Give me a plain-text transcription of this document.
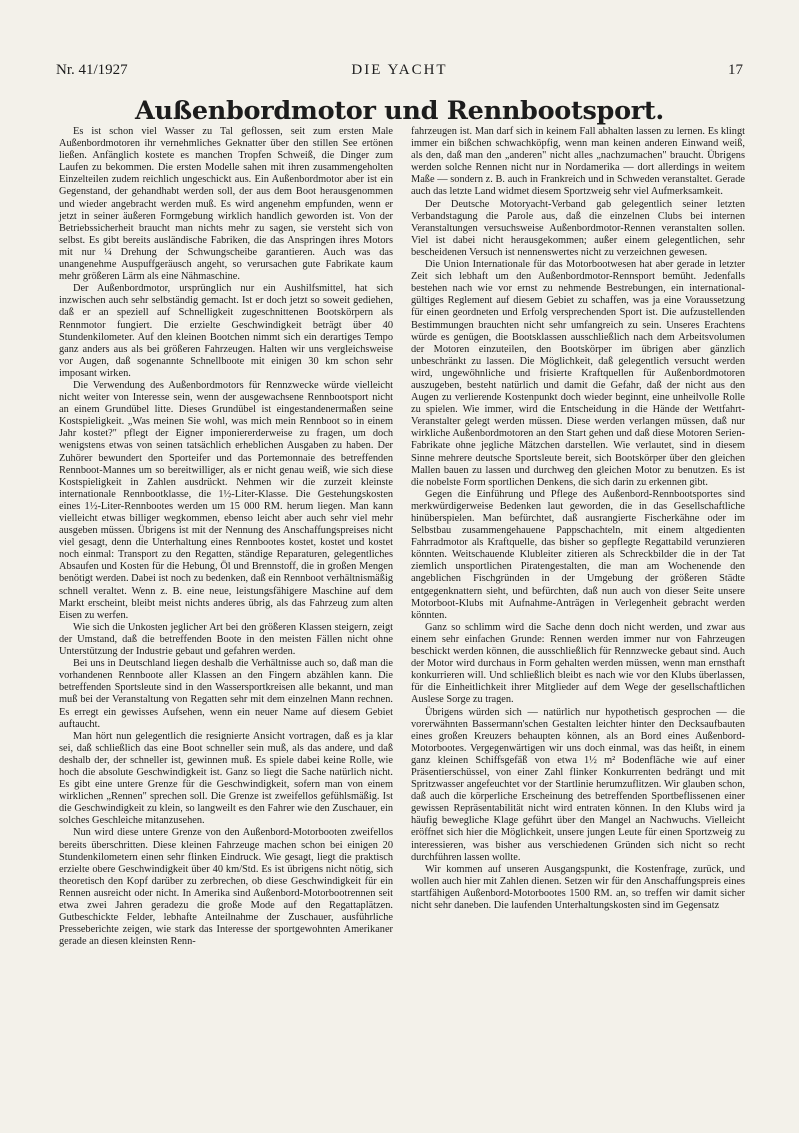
Nr. 41/1927	DIE YACHT	17
Außenbordmotor und Rennbootsport.

Es ist schon viel Wasser zu Tal geflossen, seit zum ersten Male Außenbordmotoren ihr vernehmliches Geknatter über den stillen See ertönen ließen. Anfänglich kostete es manchen Tropfen Schweiß, die Dinger zum Laufen zu bekommen. Die ersten Modelle sahen mit ihren zusammengeholten Einzelteilen zudem reichlich ungeschickt aus. Ein Außenbordmotor aber ist ein Gegenstand, der gehandhabt werden soll, der aus dem Boot herausgenommen und wieder angebracht werden muß. Es wird angenehm empfunden, wenn er jetzt in seiner äußeren Formgebung wirklich handlich geworden ist. Von der Betriebssicherheit braucht man nichts mehr zu sagen, sie versteht sich von selbst. Es gibt bereits ausländische Fabriken, die das Anspringen ihres Motors mit nur ¼ Drehung der Schwungscheibe garantieren. Auch was das unangenehme Auspuffgeräusch angeht, so verursachen gute Fabrikate kaum mehr größeren Lärm als eine Nähmaschine.

Der Außenbordmotor, ursprünglich nur ein Aushilfsmittel, hat sich inzwischen auch sehr selbständig gemacht. Ist er doch jetzt so soweit gediehen, daß er an speziell auf Schnelligkeit zugeschnittenen Bootskörpern als Rennmotor fungiert. Die erzielte Geschwindigkeit beträgt über 40 Stundenkilometer. Auf den kleinen Bootchen nimmt sich ein derartiges Tempo ganz anders aus als bei größeren Fahrzeugen. Halten wir uns vergleichsweise vor Augen, daß sogenannte Schnellboote mit einigen 30 km schon sehr imposant wirken.

Die Verwendung des Außenbordmotors für Rennzwecke würde vielleicht nicht weiter von Interesse sein, wenn der ausgewachsene Rennbootsport nicht an einem Grundübel litte. Dieses Grundübel ist eingestandenermaßen seine Kostspieligkeit. „Was meinen Sie wohl, was mich mein Rennboot so in einem Jahr kostet?" pflegt der Eigner imponiererderweise zu fragen, um doch wenigstens etwas von seinen tatsächlich erheblichen Ausgaben zu haben. Der Zuhörer bewundert den Sporteifer und das Portemonnaie des betreffenden Rennboot-Mannes um so bereitwilliger, als er nicht genau weiß, wie sich diese Kostspieligkeit in Zahlen ausdrückt. Nehmen wir die zurzeit kleinste internationale Rennbootklasse, die 1½-Liter-Klasse. Die Gestehungskosten eines 1½-Liter-Rennbootes werden um 15 000 RM. herum liegen. Man kann vielleicht etwas billiger wegkommen, ebenso leicht aber auch sehr viel mehr ausgeben müssen. Übrigens ist mit der Nennung des Anschaffungspreises nicht viel gesagt, denn die Unterhaltung eines Rennbootes kostet, kostet und kostet noch einmal: Transport zu den Regatten, ständige Reparaturen, gelegentliches Absaufen und Kosten für die Hebung, Öl und Brennstoff, die in großen Mengen benötigt werden. Dabei ist noch zu bedenken, daß ein Rennboot verhältnismäßig schnell veraltet. Wenn z. B. eine neue, leistungsfähigere Maschine auf dem Markt erscheint, bleibt meist nichts anderes übrig, als das Fahrzeug zum alten Eisen zu werfen.

Wie sich die Unkosten jeglicher Art bei den größeren Klassen steigern, zeigt der Umstand, daß die betreffenden Boote in den meisten Fällen nicht ohne Unterstützung der Industrie gebaut und gefahren werden.

Bei uns in Deutschland liegen deshalb die Verhältnisse auch so, daß man die vorhandenen Rennboote aller Klassen an den Fingern abzählen kann. Die betreffenden Sportsleute sind in den Wassersportkreisen alle bekannt, und man muß bei der Veranstaltung von Regatten sehr mit dem einzelnen Mann rechnen. Es erregt ein gewisses Aufsehen, wenn ein neuer Name auf diesem Gebiet auftaucht.

Man hört nun gelegentlich die resignierte Ansicht vortragen, daß es ja klar sei, daß schließlich das eine Boot schneller sein muß, als das andere, und daß deshalb der, der schneller ist, gewinnen muß. Es spiele dabei keine Rolle, wie hoch die absolute Geschwindigkeit ist. Ganz so liegt die Sache natürlich nicht. Es gibt eine untere Grenze für die Geschwindigkeit, sofern man von einem wirklichen „Rennen" sprechen soll. Die Grenze ist zweifellos gefühlsmäßig. Ist die Geschwindigkeit zu klein, so langweilt es den Fahrer wie den Zuschauer, ein solches Geschleiche mitanzusehen.

Nun wird diese untere Grenze von den Außenbord-Motorbooten zweifellos bereits überschritten. Diese kleinen Fahrzeuge machen schon bei einigen 20 Stundenkilometern einen sehr flinken Eindruck. Wie gesagt, liegt die praktisch erzielte obere Geschwindigkeit über 40 km/Std. Es ist übrigens nicht nötig, sich theoretisch den Kopf darüber zu zerbrechen, ob diese Geschwindigkeit für ein Rennen ausreicht oder nicht. In Amerika sind Außenbord-Motorbootrennen seit etwa zwei Jahren geradezu die große Mode auf den Regattaplätzen. Gutbeschickte Felder, lebhafte Anteilnahme der Zuschauer, ausführliche Presseberichte zeigen, wie stark das Interesse der sportgewohnten Amerikaner gerade an diesen kleinsten Renn-

fahrzeugen ist. Man darf sich in keinem Fall abhalten lassen zu lernen. Es klingt immer ein bißchen schwachköpfig, wenn man keinen anderen Einwand weiß, als den, daß man den „anderen" nicht alles „nachzumachen" braucht. Übrigens werden solche Rennen nicht nur in Nordamerika — dort allerdings in weitem Maße — sondern z. B. auch in Frankreich und in Schweden veranstaltet. Gerade auch das letzte Land widmet diesem Sportzweig sehr viel Aufmerksamkeit.

Der Deutsche Motoryacht-Verband gab gelegentlich seiner letzten Verbandstagung die Parole aus, daß die einzelnen Clubs bei internen Veranstaltungen versuchsweise Außenbordmotor-Rennen veranstalten sollen. Viel ist dabei nicht herausgekommen; außer einem gelegentlichen, sehr bescheidenen Versuch ist nennenswertes nicht zu verzeichnen gewesen.

Die Union Internationale für das Motorbootwesen hat aber gerade in letzter Zeit sich lebhaft um den Außenbordmotor-Rennsport bemüht. Jedenfalls bestehen nach wie vor ernst zu nehmende Bestrebungen, ein international-gültiges Reglement auf diesem Gebiet zu schaffen, was ja eine Voraussetzung für einen geordneten und Erfolg versprechenden Sport ist. Die aufzustellenden Bestimmungen brauchten nicht sehr umfangreich zu sein. Unseres Erachtens würde es genügen, die Bootsklassen ausschließlich nach dem Arbeitsvolumen der Motoren einzuteilen, den Bootskörper im übrigen aber gänzlich unbeschränkt zu lassen. Die Möglichkeit, daß gelegentlich versucht werden wird, ungewöhnliche und frisierte Kraftquellen für Außenbordmotoren auszugeben, besteht natürlich und damit die Gefahr, daß der nicht aus den Augen zu verlierende Kostenpunkt doch wieder beginnt, eine unheilvolle Rolle zu spielen. Wie immer, wird die Entscheidung in die Hände der Wettfahrt-Veranstalter gelegt werden müssen. Diese werden verlangen müssen, daß nur wirkliche Außenbordmotoren an den Start gehen und daß diese Motoren Serien-Fabrikate ohne jegliche Mätzchen darstellen. Wie verlautet, sind in diesem Sinne mehrere deutsche Sportsleute bereit, sich Bootskörper über den gleichen Mallen bauen zu lassen und durchweg den gleichen Motor zu benutzen. Es ist die nobelste Form sportlichen Denkens, die sich darin zu erkennen gibt.

Gegen die Einführung und Pflege des Außenbord-Rennbootsportes sind merkwürdigerweise Bedenken laut geworden, die in das Gesellschaftliche hinüberspielen. Man befürchtet, daß ausrangierte Fischerkähne oder im Selbstbau zusammengehauene Pappschachteln, mit einem altgedienten Fahrradmotor als Kraftquelle, das bisher so gepflegte Regattabild verunzieren könnten. Weitschauende Klubleiter zitieren als Schreckbilder die in der Tat ziemlich unsportlichen Piratengestalten, die man am Wochenende den angeblichen Fischgründen in der Umgebung der größeren Städte entgegenknattern sieht, und befürchten, daß nun auch von dieser Seite unsere Motorboot-Klubs mit Aufnahme-Anträgen in Verlegenheit gebracht werden könnten.

Ganz so schlimm wird die Sache denn doch nicht werden, und zwar aus einem sehr einfachen Grunde: Rennen werden immer nur von Fahrzeugen beschickt werden können, die ausschließlich für Rennzwecke gebaut sind. Auch der Motor wird durchaus in Form gehalten werden müssen, wenn man ernsthaft konkurrieren will. Und schließlich bleibt es nach wie vor den Klubs überlassen, für die Einheitlichkeit ihrer Mitglieder auf dem Wege der gesellschaftlichen Auslese Sorge zu tragen.

Übrigens würden sich — natürlich nur hypothetisch gesprochen — die vorerwähnten Bassermann'schen Gestalten leichter hinter den Decksaufbauten eines großen Kreuzers behaupten können, als an Bord eines Außenbord-Motorbootes. Vergegenwärtigen wir uns doch einmal, was das heißt, in einem ganz kleinen Schiffsgefäß von etwa 1½ m² Bodenfläche wie auf einer Präsentierschüssel, von einer Zahl flinker Konkurrenten bedrängt und mit Spritzwasser angefeuchtet vor der Startlinie herumzuflitzen. Wir glauben schon, daß auch die körperliche Erscheinung des betreffenden Sportbeflissenen einer gewissen Repräsentabilität nicht wird entraten können. In den Klubs wird ja häufig bewegliche Klage geführt über den Mangel an Nachwuchs. Vielleicht eröffnet sich hier die Möglichkeit, unsere jungen Leute für einen Sportzweig zu interessieren, was bisher aus verschiedenen Gründen sich nicht so recht durchführen lassen wollte.

Wir kommen auf unseren Ausgangspunkt, die Kostenfrage, zurück, und wollen auch hier mit Zahlen dienen. Setzen wir für den Anschaffungspreis eines startfähigen Außenbord-Motorbootes 1500 RM. an, so treffen wir damit sicher nicht sehr daneben. Die laufenden Unterhaltungskosten sind im Gegensatz
